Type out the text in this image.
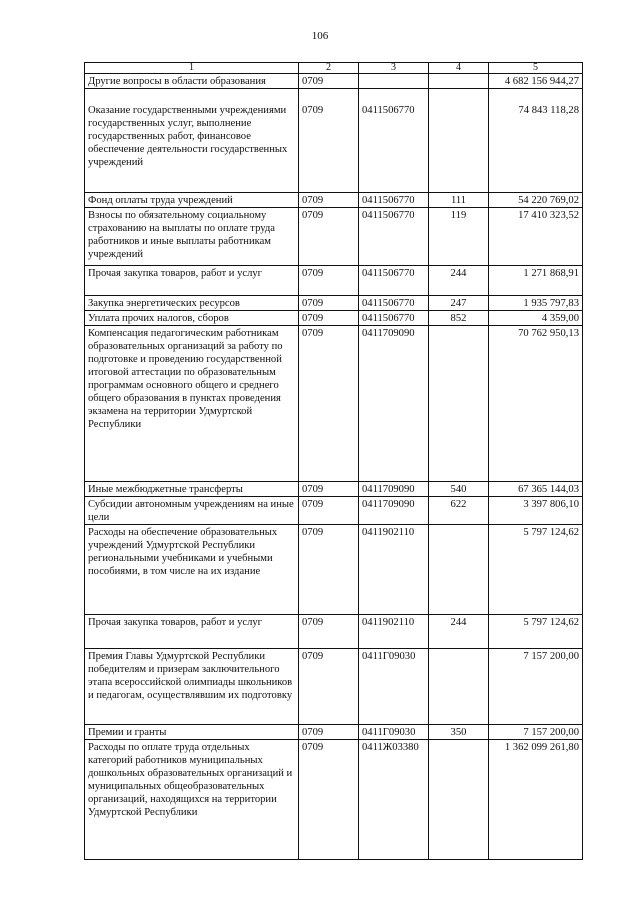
106
1	2	3	4	5
Другие вопросы в области образования	0709			4 682 156 944,27
Оказание государственными учреждениями государственных услуг, выполнение государственных работ, финансовое обеспечение деятельности государственных учреждений	0709	0411506770		74 843 118,28
Фонд оплаты труда учреждений	0709	0411506770	111	54 220 769,02
Взносы по обязательному социальному страхованию на выплаты по оплате труда работников и иные выплаты работникам учреждений	0709	0411506770	119	17 410 323,52
Прочая закупка товаров, работ и услуг	0709	0411506770	244	1 271 868,91
Закупка энергетических ресурсов	0709	0411506770	247	1 935 797,83
Уплата прочих налогов, сборов	0709	0411506770	852	4 359,00
Компенсация педагогическим работникам образовательных организаций за работу по подготовке и проведению государственной итоговой аттестации по образовательным программам основного общего и среднего общего образования в пунктах проведения экзамена на территории Удмуртской Республики	0709	0411709090		70 762 950,13
Иные межбюджетные трансферты	0709	0411709090	540	67 365 144,03
Субсидии автономным учреждениям на иные цели	0709	0411709090	622	3 397 806,10
Расходы на обеспечение образовательных учреждений Удмуртской Республики региональными учебниками и учебными пособиями, в том числе на их издание	0709	0411902110		5 797 124,62
Прочая закупка товаров, работ и услуг	0709	0411902110	244	5 797 124,62
Премия Главы Удмуртской Республики победителям и призерам заключительного этапа всероссийской олимпиады школьников и педагогам, осуществлявшим их подготовку	0709	0411Г09030		7 157 200,00
Премии и гранты	0709	0411Г09030	350	7 157 200,00
Расходы по оплате труда отдельных категорий работников муниципальных дошкольных образовательных организаций и муниципальных общеобразовательных организаций, находящихся на территории Удмуртской Республики	0709	0411Ж03380		1 362 099 261,80
